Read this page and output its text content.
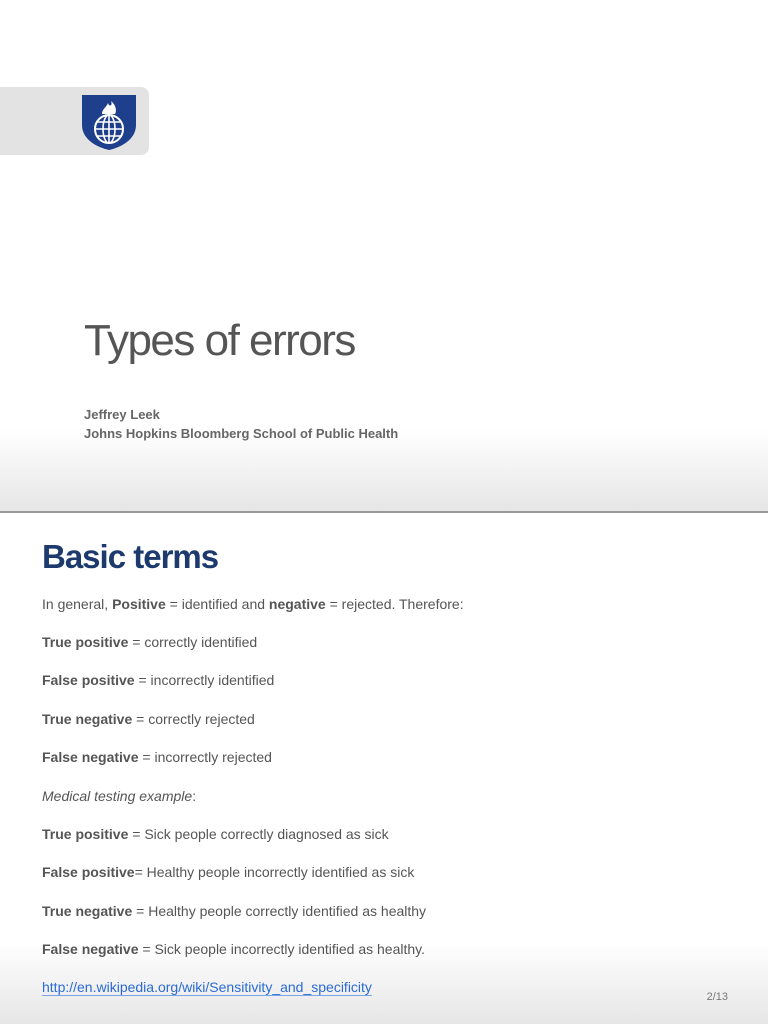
Types of errors
Jeffrey Leek
Johns Hopkins Bloomberg School of Public Health
Basic terms
In general, Positive = identified and negative = rejected. Therefore:
True positive = correctly identified
False positive = incorrectly identified
True negative = correctly rejected
False negative = incorrectly rejected
Medical testing example:
True positive = Sick people correctly diagnosed as sick
False positive= Healthy people incorrectly identified as sick
True negative = Healthy people correctly identified as healthy
False negative = Sick people incorrectly identified as healthy.
http://en.wikipedia.org/wiki/Sensitivity_and_specificity
2/13
